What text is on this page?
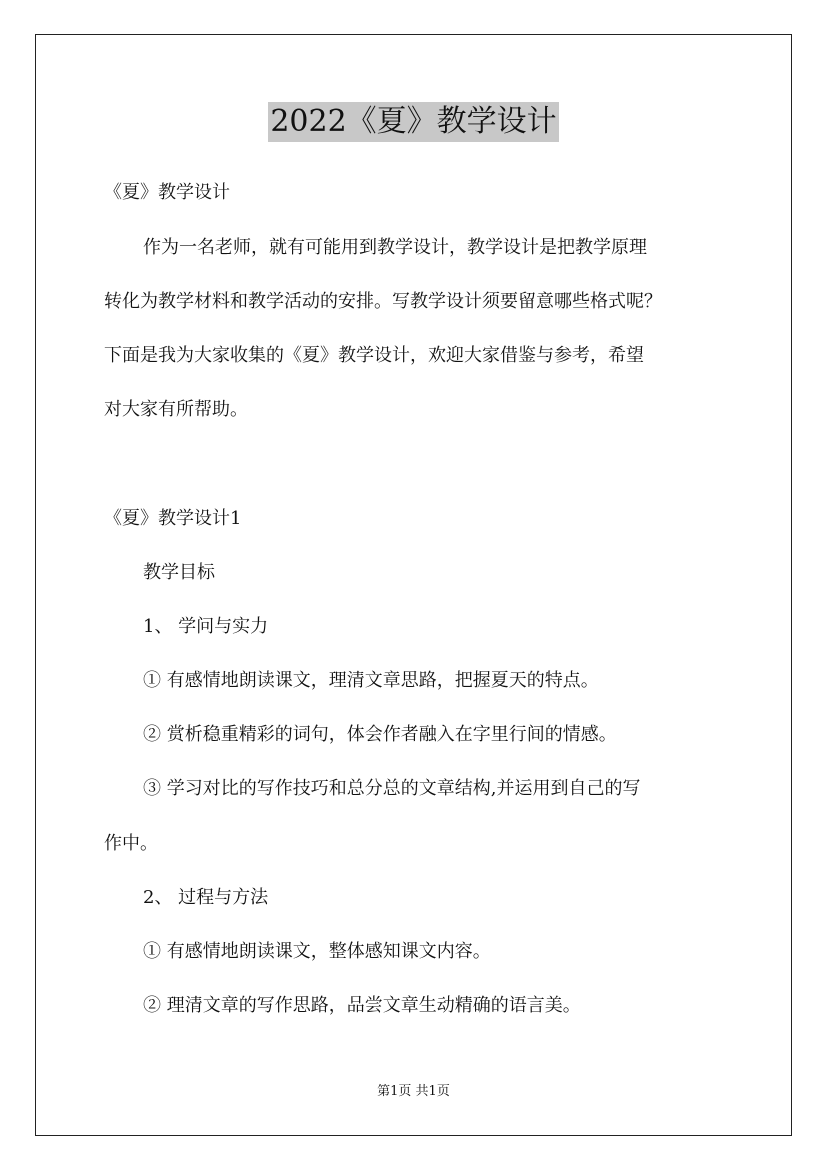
2022《夏》教学设计
《夏》教学设计
作为一名老师，就有可能用到教学设计，教学设计是把教学原理
转化为教学材料和教学活动的安排。写教学设计须要留意哪些格式呢？
下面是我为大家收集的《夏》教学设计，欢迎大家借鉴与参考，希望
对大家有所帮助。
《夏》教学设计1
教学目标
1、 学问与实力
① 有感情地朗读课文，理清文章思路，把握夏天的特点。
② 赏析稳重精彩的词句，体会作者融入在字里行间的情感。
③ 学习对比的写作技巧和总分总的文章结构,并运用到自己的写
作中。
2、 过程与方法
① 有感情地朗读课文，整体感知课文内容。
② 理清文章的写作思路，品尝文章生动精确的语言美。
第1页 共1页
